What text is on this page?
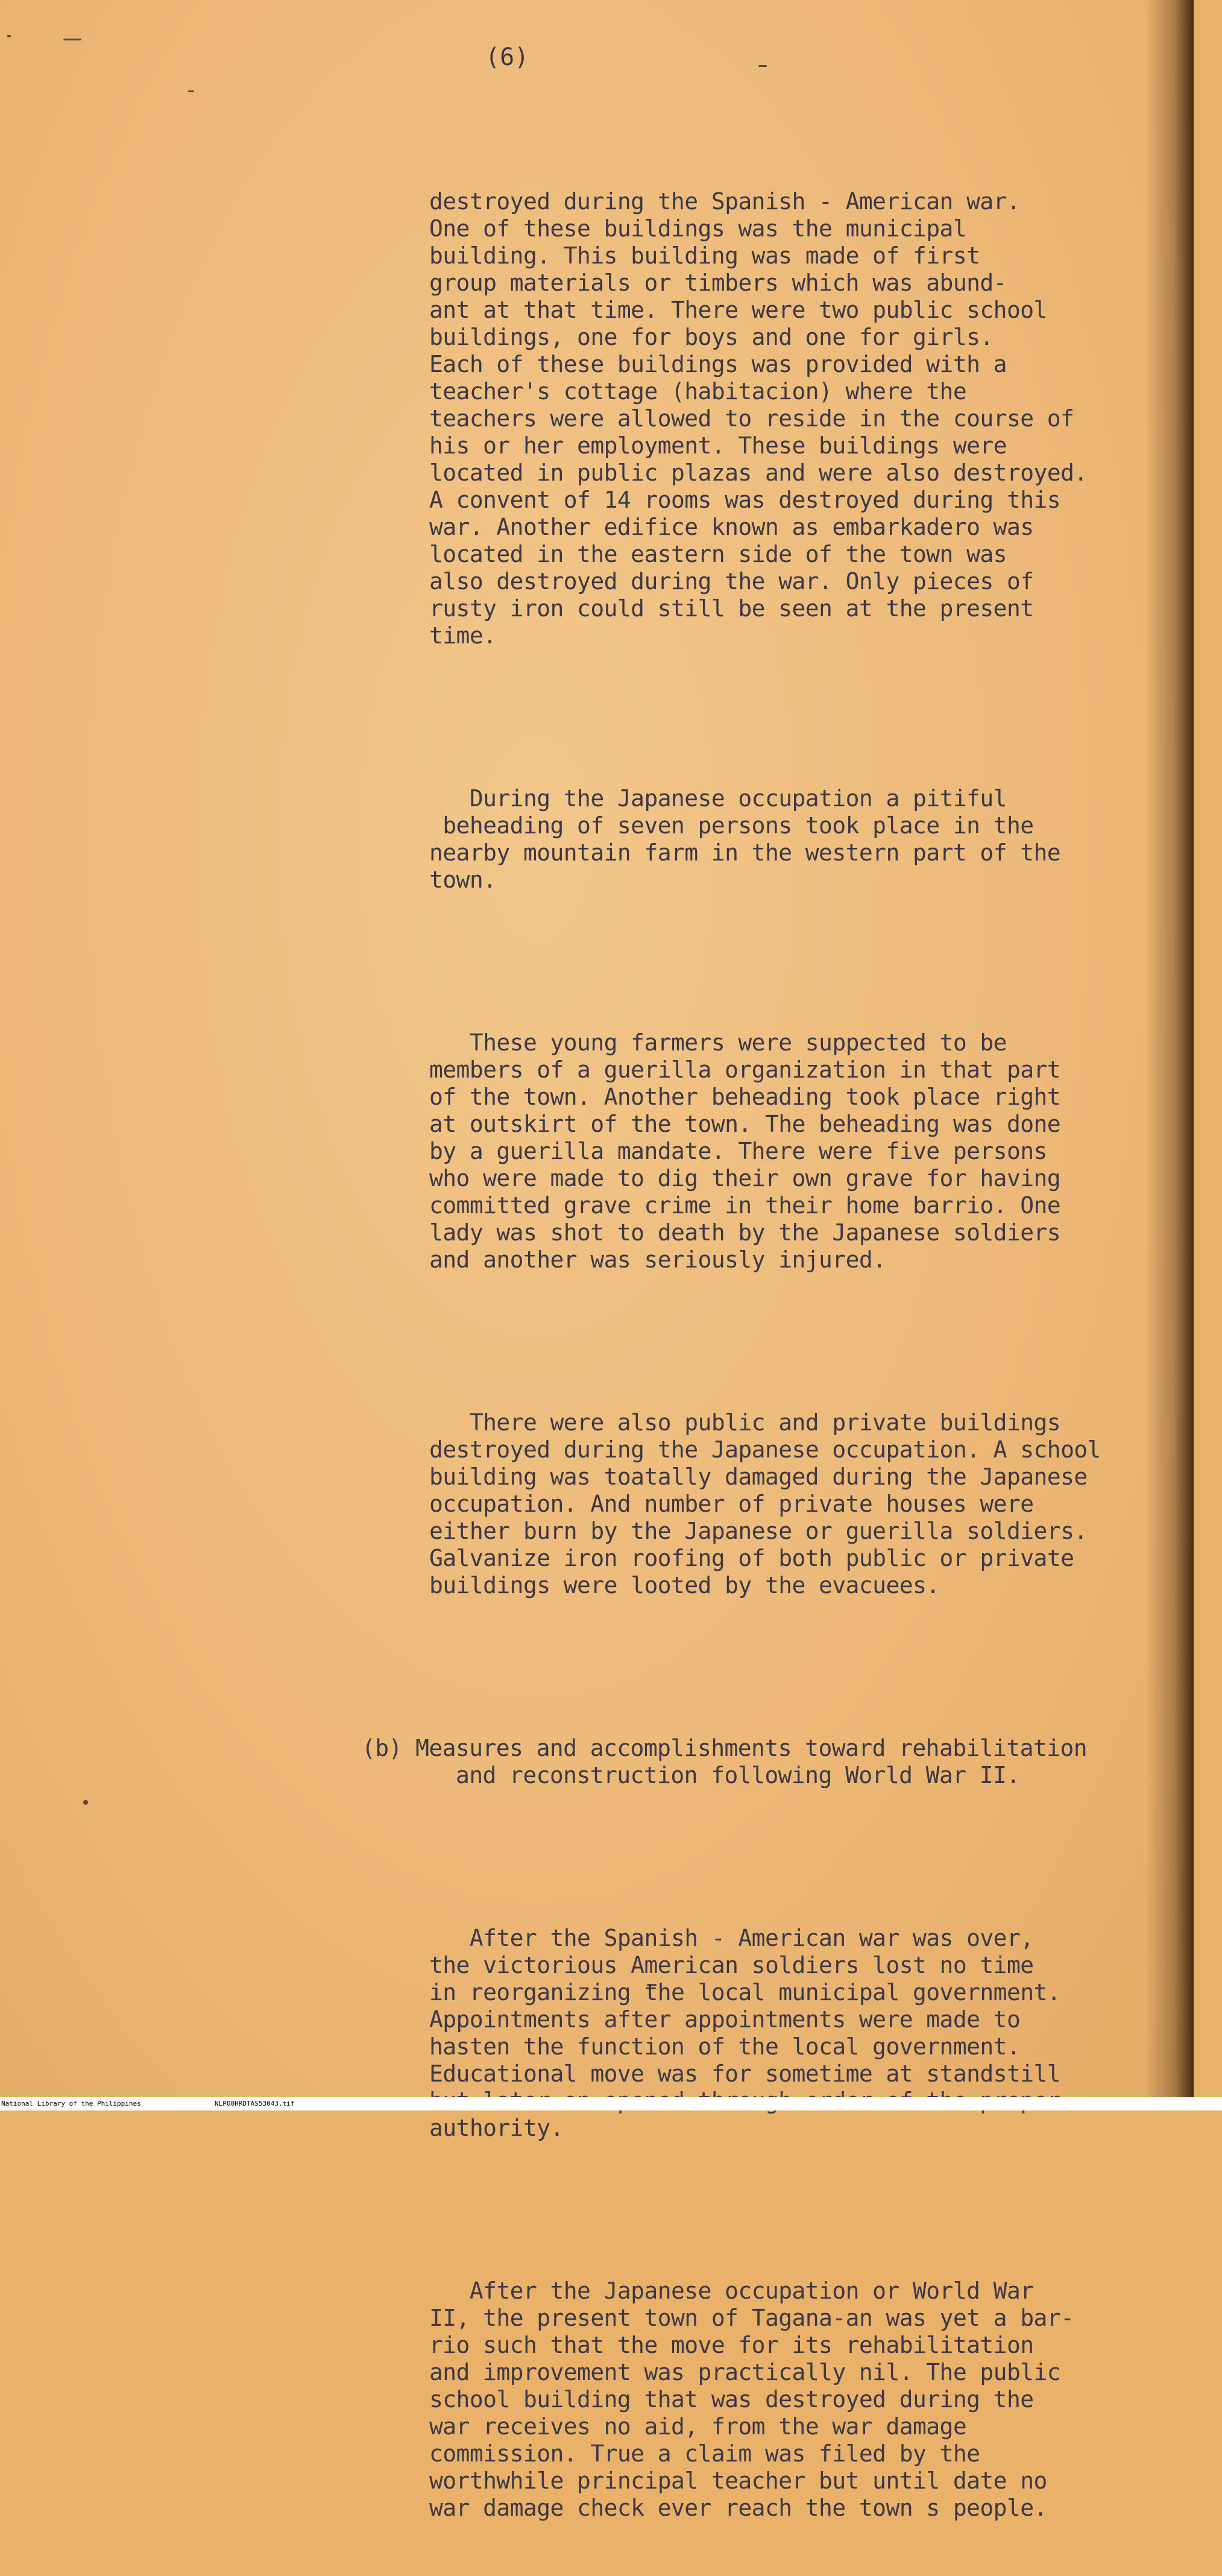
(6)

destroyed during the Spanish - American war.
One of these buildings was the municipal
building. This building was made of first
group materials or timbers which was abund-
ant at that time. There were two public school
buildings, one for boys and one for girls.
Each of these buildings was provided with a
teacher's cottage (habitacion) where the
teachers were allowed to reside in the course of
his or her employment. These buildings were
located in public plazas and were also destroyed.
A convent of 14 rooms was destroyed during this
war. Another edifice known as embarkadero was
located in the eastern side of the town was
also destroyed during the war. Only pieces of
rusty iron could still be seen at the present
time.

During the Japanese occupation a pitiful
beheading of seven persons took place in the
nearby mountain farm in the western part of the
town.

These young farmers were suppected to be
members of a guerilla organization in that part
of the town. Another beheading took place right
at outskirt of the town. The beheading was done
by a guerilla mandate. There were five persons
who were made to dig their own grave for having
committed grave crime in their home barrio. One
lady was shot to death by the Japanese soldiers
and another was seriously injured.

There were also public and private buildings
destroyed during the Japanese occupation. A school
building was toatally damaged during the Japanese
occupation. And number of private houses were
either burn by the Japanese or guerilla soldiers.
Galvanize iron roofing of both public or private
buildings were looted by the evacuees.

(b) Measures and accomplishments toward rehabilitation
and reconstruction following World War II.

After the Spanish - American war was over,
the victorious American soldiers lost no time
in reorganizing the local municipal government.
Appointments after appointments were made to
hasten the function of the local government.
Educational move was for sometime at standstill

authority.

After the Japanese occupation or World War
II, the present town of Tagana-an was yet a bar-
rio such that the move for its rehabilitation
and improvement was practically nil. The public
school building that was destroyed during the
war receives no aid, from the war damage
commission. True a claim was filed by the
worthwhile principal teacher but until date no
war damage check ever reach the town s people.

National Library of the Philippines

	NLP00HRDTAS53043.tif
